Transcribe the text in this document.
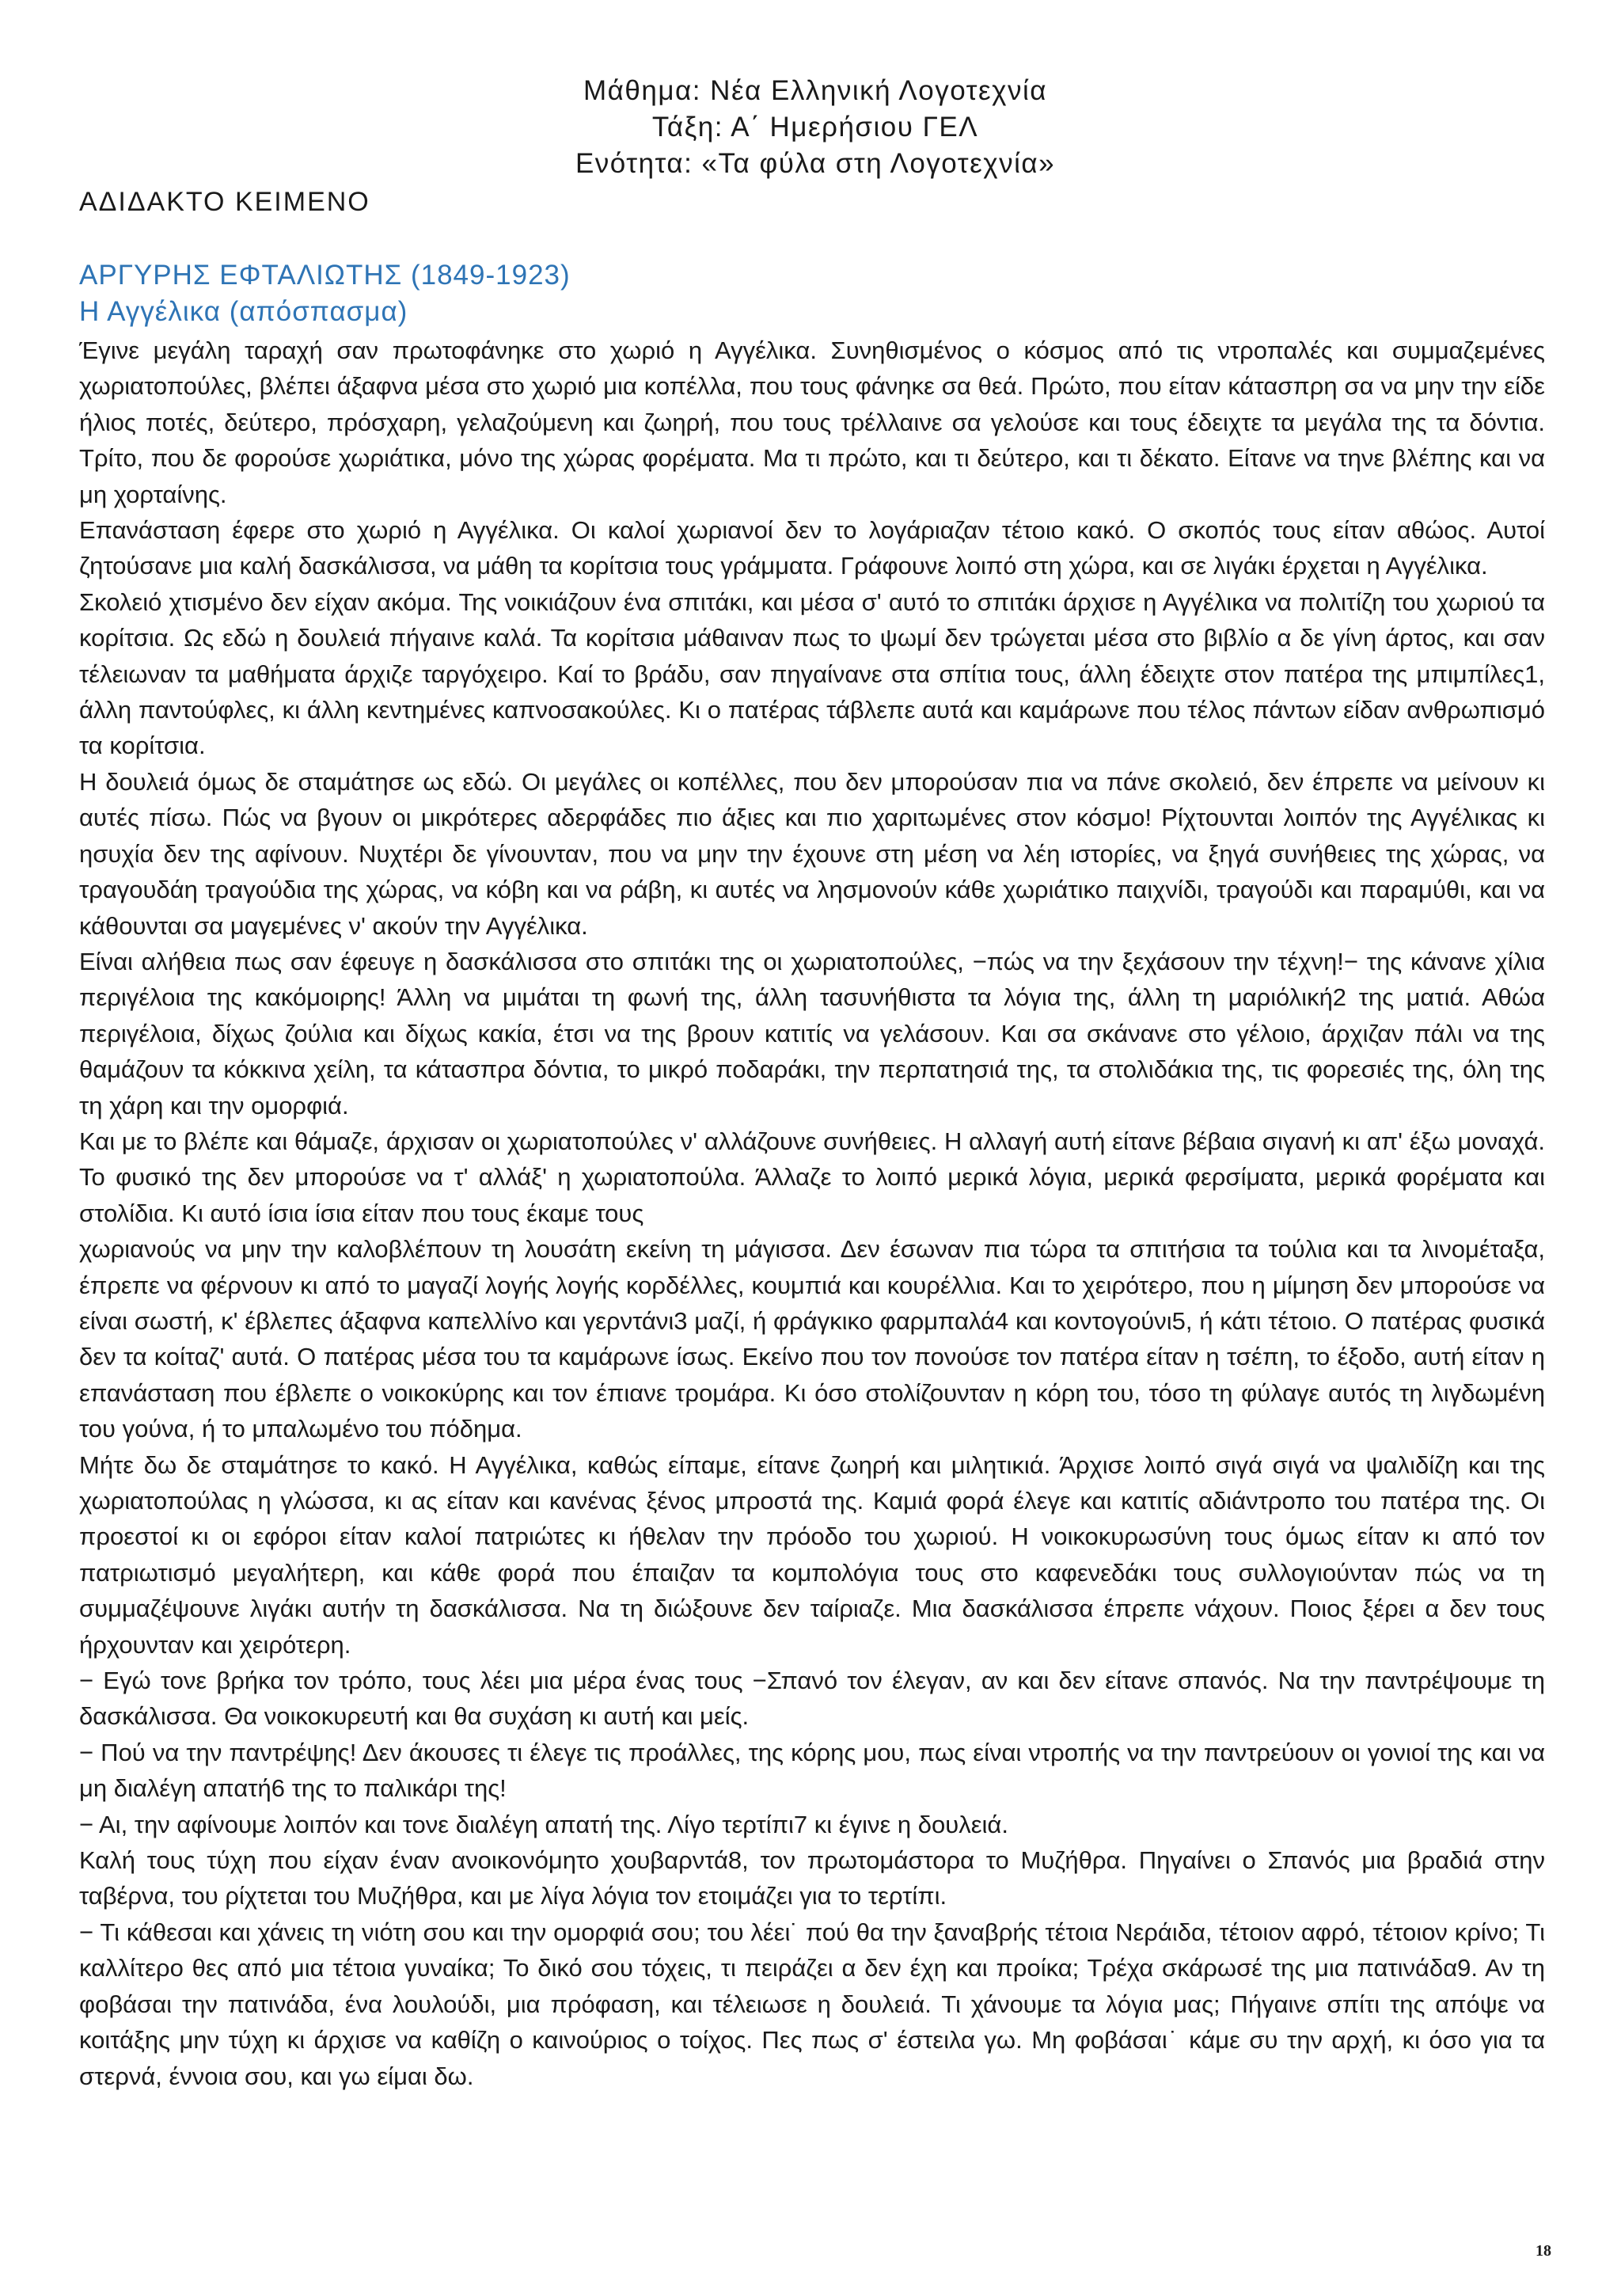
Μάθημα: Νέα Ελληνική Λογοτεχνία
Τάξη: Α΄ Ημερήσιου ΓΕΛ
Ενότητα: «Τα φύλα στη Λογοτεχνία»
ΑΔΙΔΑΚΤΟ ΚΕΙΜΕΝΟ
ΑΡΓΥΡΗΣ ΕΦΤΑΛΙΩΤΗΣ (1849-1923)
Η Αγγέλικα (απόσπασμα)

Έγινε μεγάλη ταραχή σαν πρωτοφάνηκε στο χωριό η Αγγέλικα. Συνηθισμένος ο κόσμος από τις ντροπαλές και συμμαζεμένες χωριατοπούλες, βλέπει άξαφνα μέσα στο χωριό μια κοπέλλα, που τους φάνηκε σα θεά. Πρώτο, που είταν κάτασπρη σα να μην την είδε ήλιος ποτές, δεύτερο, πρόσχαρη, γελαζούμενη και ζωηρή, που τους τρέλλαινε σα γελούσε και τους έδειχτε τα μεγάλα της τα δόντια. Τρίτο, που δε φορούσε χωριάτικα, μόνο της χώρας φορέματα. Μα τι πρώτο, και τι δεύτερο, και τι δέκατο. Είτανε να τηνε βλέπης και να μη χορταίνης.

Επανάσταση έφερε στο χωριό η Αγγέλικα. Οι καλοί χωριανοί δεν το λογάριαζαν τέτοιο κακό. Ο σκοπός τους είταν αθώος. Αυτοί ζητούσανε μια καλή δασκάλισσα, να μάθη τα κορίτσια τους γράμματα. Γράφουνε λοιπό στη χώρα, και σε λιγάκι έρχεται η Αγγέλικα.

Σκολειό χτισμένο δεν είχαν ακόμα. Της νοικιάζουν ένα σπιτάκι, και μέσα σ' αυτό το σπιτάκι άρχισε η Αγγέλικα να πολιτίζη του χωριού τα κορίτσια. Ως εδώ η δουλειά πήγαινε καλά. Τα κορίτσια μάθαιναν πως το ψωμί δεν τρώγεται μέσα στο βιβλίο α δε γίνη άρτος, και σαν τέλειωναν τα μαθήματα άρχιζε ταργόχειρο. Καί το βράδυ, σαν πηγαίνανε στα σπίτια τους, άλλη έδειχτε στον πατέρα της μπιμπίλες1, άλλη παντούφλες, κι άλλη κεντημένες καπνοσακούλες. Κι ο πατέρας τάβλεπε αυτά και καμάρωνε που τέλος πάντων είδαν ανθρωπισμό τα κορίτσια.

Η δουλειά όμως δε σταμάτησε ως εδώ. Οι μεγάλες οι κοπέλλες, που δεν μπορούσαν πια να πάνε σκολειό, δεν έπρεπε να μείνουν κι αυτές πίσω. Πώς να βγουν οι μικρότερες αδερφάδες πιο άξιες και πιο χαριτωμένες στον κόσμο! Ρίχτουνται λοιπόν της Αγγέλικας κι ησυχία δεν της αφίνουν. Νυχτέρι δε γίνουνταν, που να μην την έχουνε στη μέση να λέη ιστορίες, να ξηγά συνήθειες της χώρας, να τραγουδάη τραγούδια της χώρας, να κόβη και να ράβη, κι αυτές να λησμονούν κάθε χωριάτικο παιχνίδι, τραγούδι και παραμύθι, και να κάθουνται σα μαγεμένες ν' ακούν την Αγγέλικα.

Είναι αλήθεια πως σαν έφευγε η δασκάλισσα στο σπιτάκι της οι χωριατοπούλες, −πώς να την ξεχάσουν την τέχνη!− της κάνανε χίλια περιγέλοια της κακόμοιρης! Άλλη να μιμάται τη φωνή της, άλλη τασυνήθιστα τα λόγια της, άλλη τη μαριόλική2 της ματιά. Αθώα περιγέλοια, δίχως ζούλια και δίχως κακία, έτσι να της βρουν κατιτίς να γελάσουν. Και σα σκάνανε στο γέλοιο, άρχιζαν πάλι να της θαμάζουν τα κόκκινα χείλη, τα κάτασπρα δόντια, το μικρό ποδαράκι, την περπατησιά της, τα στολιδάκια της, τις φορεσιές της, όλη της τη χάρη και την ομορφιά.

Και με το βλέπε και θάμαζε, άρχισαν οι χωριατοπούλες ν' αλλάζουνε συνήθειες. Η αλλαγή αυτή είτανε βέβαια σιγανή κι απ' έξω μοναχά. Το φυσικό της δεν μπορούσε να τ' αλλάξ' η χωριατοπούλα. Άλλαζε το λοιπό μερικά λόγια, μερικά φερσίματα, μερικά φορέματα και στολίδια. Κι αυτό ίσια ίσια είταν που τους έκαμε τους

χωριανούς να μην την καλοβλέπουν τη λουσάτη εκείνη τη μάγισσα. Δεν έσωναν πια τώρα τα σπιτήσια τα τούλια και τα λινομέταξα, έπρεπε να φέρνουν κι από το μαγαζί λογής λογής κορδέλλες, κουμπιά και κουρέλλια. Και το χειρότερο, που η μίμηση δεν μπορούσε να είναι σωστή, κ' έβλεπες άξαφνα καπελλίνο και γερντάνι3 μαζί, ή φράγκικο φαρμπαλά4 και κοντογούνι5, ή κάτι τέτοιο. Ο πατέρας φυσικά δεν τα κοίταζ' αυτά. Ο πατέρας μέσα του τα καμάρωνε ίσως. Εκείνο που τον πονούσε τον πατέρα είταν η τσέπη, το έξοδο, αυτή είταν η επανάσταση που έβλεπε ο νοικοκύρης και τον έπιανε τρομάρα. Κι όσο στολίζουνταν η κόρη του, τόσο τη φύλαγε αυτός τη λιγδωμένη του γούνα, ή το μπαλωμένο του πόδημα.

Μήτε δω δε σταμάτησε το κακό. Η Αγγέλικα, καθώς είπαμε, είτανε ζωηρή και μιλητικιά. Άρχισε λοιπό σιγά σιγά να ψαλιδίζη και της χωριατοπούλας η γλώσσα, κι ας είταν και κανένας ξένος μπροστά της. Καμιά φορά έλεγε και κατιτίς αδιάντροπο του πατέρα της. Οι προεστοί κι οι εφόροι είταν καλοί πατριώτες κι ήθελαν την πρόοδο του χωριού. Η νοικοκυρωσύνη τους όμως είταν κι από τον πατριωτισμό μεγαλήτερη, και κάθε φορά που έπαιζαν τα κομπολόγια τους στο καφενεδάκι τους συλλογιούνταν πώς να τη συμμαζέψουνε λιγάκι αυτήν τη δασκάλισσα. Να τη διώξουνε δεν ταίριαζε. Μια δασκάλισσα έπρεπε νάχουν. Ποιος ξέρει α δεν τους ήρχουνταν και χειρότερη.

− Εγώ τονε βρήκα τον τρόπο, τους λέει μια μέρα ένας τους −Σπανό τον έλεγαν, αν και δεν είτανε σπανός. Να την παντρέψουμε τη δασκάλισσα. Θα νοικοκυρευτή και θα συχάση κι αυτή και μείς.

− Πού να την παντρέψης! Δεν άκουσες τι έλεγε τις προάλλες, της κόρης μου, πως είναι ντροπής να την παντρεύουν οι γονιοί της και να μη διαλέγη απατή6 της το παλικάρι της!

− Αι, την αφίνουμε λοιπόν και τονε διαλέγη απατή της. Λίγο τερτίπι7 κι έγινε η δουλειά.

Καλή τους τύχη που είχαν έναν ανοικονόμητο χουβαρντά8, τον πρωτομάστορα το Μυζήθρα. Πηγαίνει ο Σπανός μια βραδιά στην ταβέρνα, του ρίχτεται του Μυζήθρα, και με λίγα λόγια τον ετοιμάζει για το τερτίπι.

− Τι κάθεσαι και χάνεις τη νιότη σου και την ομορφιά σου; του λέει˙ πού θα την ξαναβρής τέτοια Νεράιδα, τέτοιον αφρό, τέτοιον κρίνο; Τι καλλίτερο θες από μια τέτοια γυναίκα; Το δικό σου τόχεις, τι πειράζει α δεν έχη και προίκα; Τρέχα σκάρωσέ της μια πατινάδα9. Αν τη φοβάσαι την πατινάδα, ένα λουλούδι, μια πρόφαση, και τέλειωσε η δουλειά. Τι χάνουμε τα λόγια μας; Πήγαινε σπίτι της απόψε να κοιτάξης μην τύχη κι άρχισε να καθίζη ο καινούριος ο τοίχος. Πες πως σ' έστειλα γω. Μη φοβάσαι˙ κάμε συ την αρχή, κι όσο για τα στερνά, έννοια σου, και γω είμαι δω.

18
